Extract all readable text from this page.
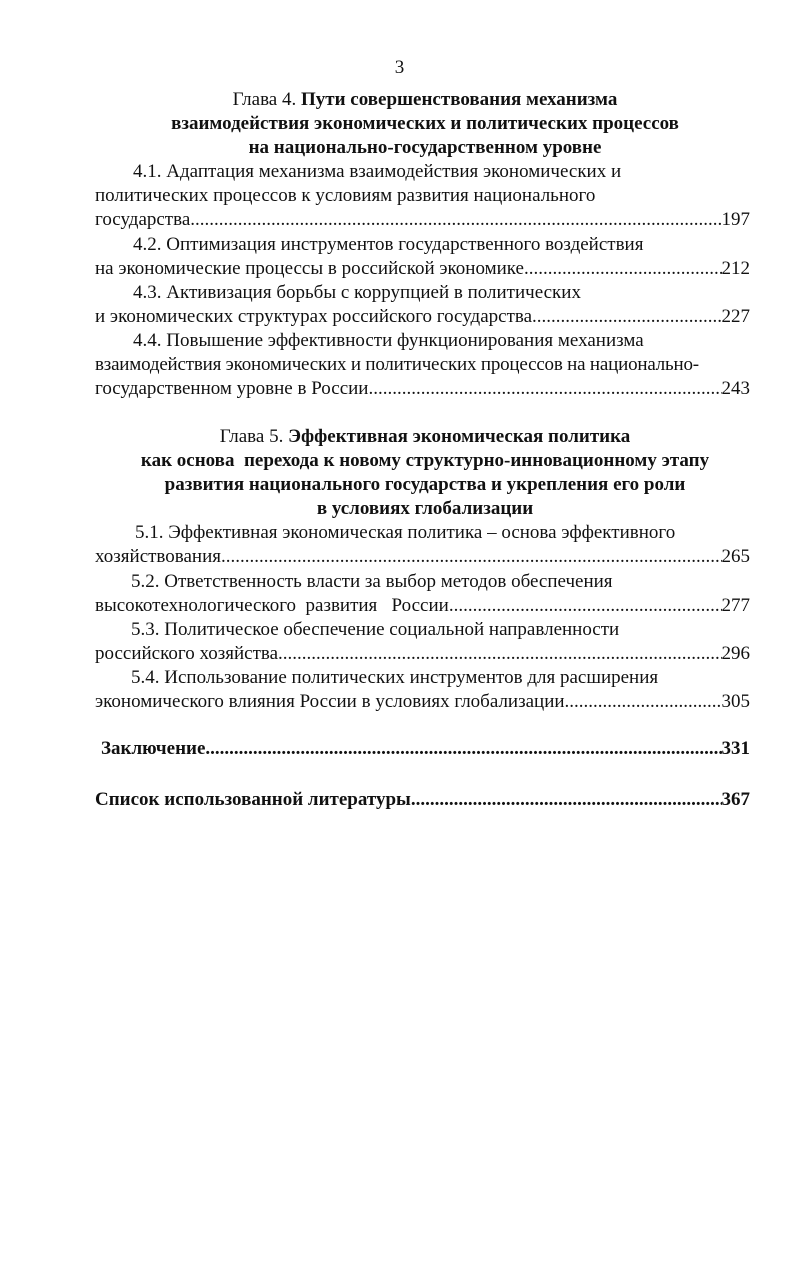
3
Глава 4. Пути совершенствования механизма
взаимодействия экономических и политических процессов
на национально-государственном уровне
4.1. Адаптация механизма взаимодействия экономических и
политических процессов к условиям развития национального
государства .....	197
4.2. Оптимизация инструментов государственного воздействия
на экономические процессы в российской экономике .....	212
4.3. Активизация борьбы с коррупцией в политических
и экономических структурах российского государства .....	227
4.4. Повышение эффективности функционирования механизма
взаимодействия экономических и политических процессов на национально-
государственном уровне в России .....	243
Глава 5. Эффективная экономическая политика
как основа  перехода к новому структурно-инновационному этапу
развития национального государства и укрепления его роли
в условиях глобализации
5.1. Эффективная экономическая политика – основа эффективного
хозяйствования .....	265
5.2. Ответственность власти за выбор методов обеспечения
высокотехнологического  развития   России .....	277
5.3. Политическое обеспечение социальной направленности
российского хозяйства .....	296
5.4. Использование политических инструментов для расширения
экономического влияния России в условиях глобализации .....	305
Заключение .....	331
Список использованной литературы .....	367
